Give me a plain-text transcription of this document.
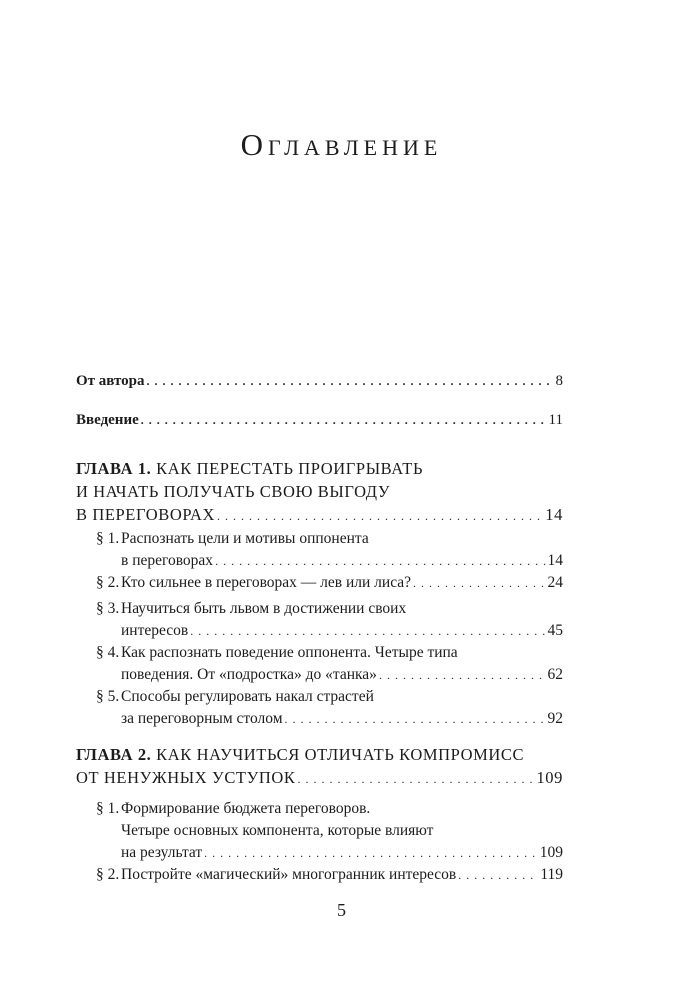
Оглавление
От автора . . .	8
Введение . . .	11
ГЛАВА 1. КАК ПЕРЕСТАТЬ ПРОИГРЫВАТЬ
И НАЧАТЬ ПОЛУЧАТЬ СВОЮ ВЫГОДУ
В ПЕРЕГОВОРАХ . . .	14
§ 1. Распознать цели и мотивы оппонента
в переговорах . . .	14
§ 2. Кто сильнее в переговорах — лев или лиса? . . .	24
§ 3. Научиться быть львом в достижении своих
интересов . . .	45
§ 4. Как распознать поведение оппонента. Четыре типа
поведения. От «подростка» до «танка» . . .	62
§ 5. Способы регулировать накал страстей
за переговорным столом . . .	92
ГЛАВА 2. КАК НАУЧИТЬСЯ ОТЛИЧАТЬ КОМПРОМИСС
ОТ НЕНУЖНЫХ УСТУПОК . . .	109
§ 1. Формирование бюджета переговоров.
Четыре основных компонента, которые влияют
на результат . . .	109
§ 2. Постройте «магический» многогранник интересов . . .	119
5
